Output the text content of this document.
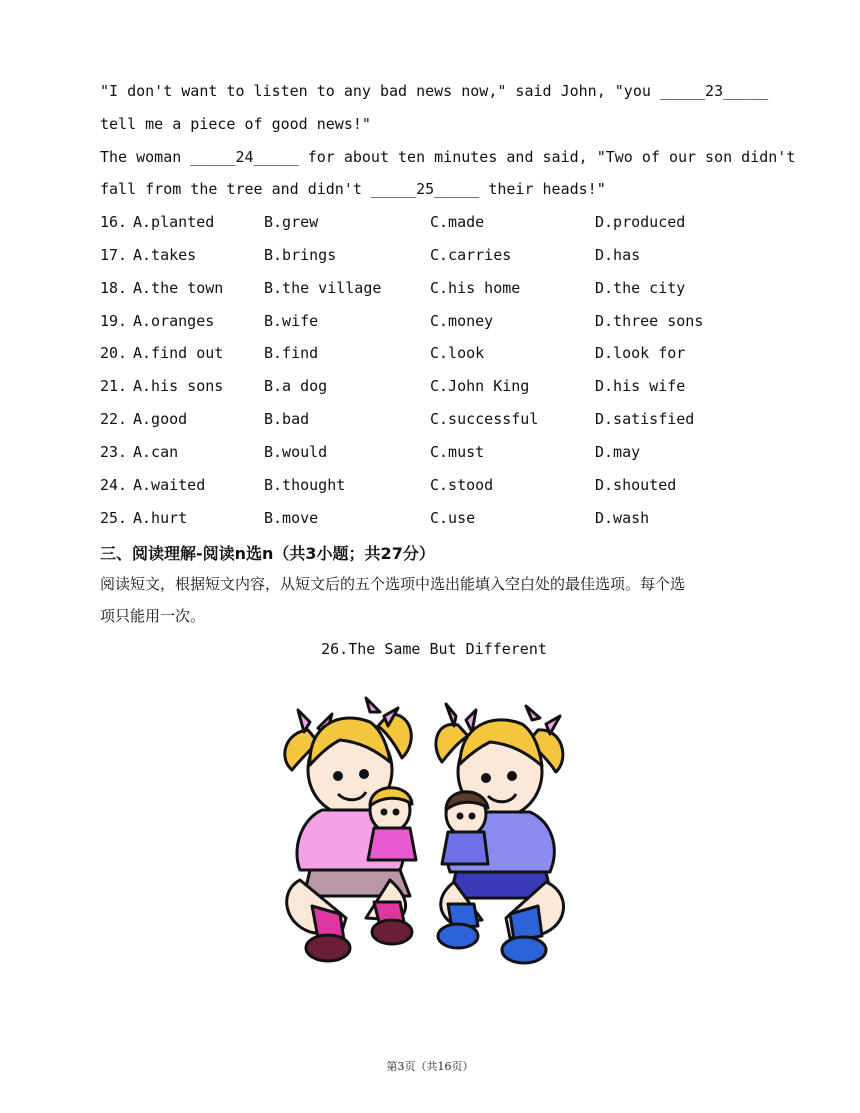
"I don't want to listen to any bad news now," said John, "you _____23_____
tell me a piece of good news!"
The woman _____24_____ for about ten minutes and said, "Two of our son didn't
fall from the tree and didn't _____25_____ their heads!"
16. A.planted	B.grew	C.made	D.produced
17. A.takes	B.brings	C.carries	D.has
18. A.the town	B.the village	C.his home	D.the city
19. A.oranges	B.wife	C.money	D.three sons
20. A.find out	B.find	C.look	D.look for
21. A.his sons	B.a dog	C.John King	D.his wife
22. A.good	B.bad	C.successful	D.satisfied
23. A.can	B.would	C.must	D.may
24. A.waited	B.thought	C.stood	D.shouted
25. A.hurt	B.move	C.use	D.wash
三、阅读理解-阅读n选n（共3小题；共27分）
阅读短文，根据短文内容，从短文后的五个选项中选出能填入空白处的最佳选项。每个选
项只能用一次。
26.The Same But Different
第3页（共16页）
